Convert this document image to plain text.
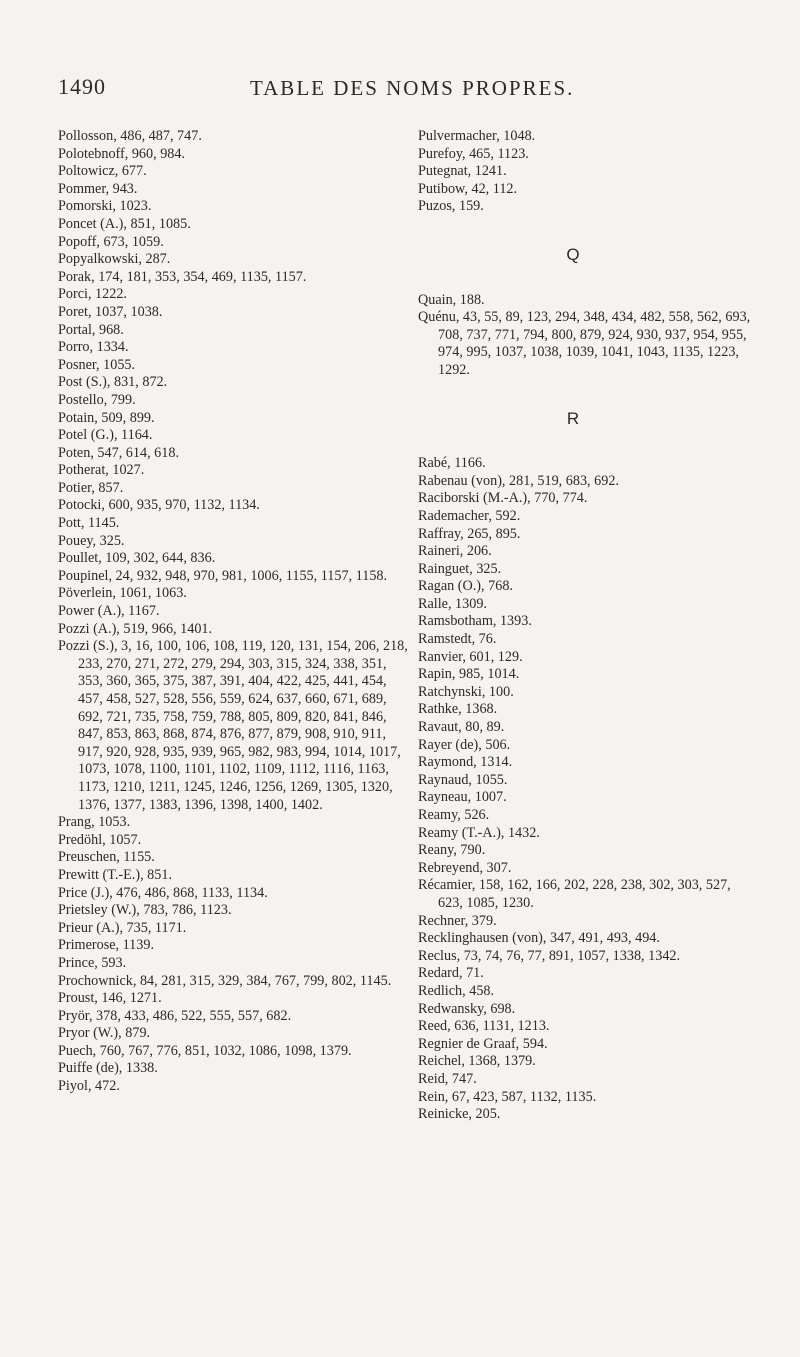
1490	TABLE DES NOMS PROPRES.

Pollosson, 486, 487, 747.

Polotebnoff, 960, 984.

Poltowicz, 677.

Pommer, 943.

Pomorski, 1023.

Poncet (A.), 851, 1085.

Popoff, 673, 1059.

Popyalkowski, 287.

Porak, 174, 181, 353, 354, 469, 1135, 1157.

Porci, 1222.

Poret, 1037, 1038.

Portal, 968.

Porro, 1334.

Posner, 1055.

Post (S.), 831, 872.

Postello, 799.

Potain, 509, 899.

Potel (G.), 1164.

Poten, 547, 614, 618.

Potherat, 1027.

Potier, 857.

Potocki, 600, 935, 970, 1132, 1134.

Pott, 1145.

Pouey, 325.

Poullet, 109, 302, 644, 836.

Poupinel, 24, 932, 948, 970, 981, 1006, 1155, 1157, 1158.

Pöverlein, 1061, 1063.

Power (A.), 1167.

Pozzi (A.), 519, 966, 1401.

Pozzi (S.), 3, 16, 100, 106, 108, 119, 120, 131, 154, 206, 218, 233, 270, 271, 272, 279, 294, 303, 315, 324, 338, 351, 353, 360, 365, 375, 387, 391, 404, 422, 425, 441, 454, 457, 458, 527, 528, 556, 559, 624, 637, 660, 671, 689, 692, 721, 735, 758, 759, 788, 805, 809, 820, 841, 846, 847, 853, 863, 868, 874, 876, 877, 879, 908, 910, 911, 917, 920, 928, 935, 939, 965, 982, 983, 994, 1014, 1017, 1073, 1078, 1100, 1101, 1102, 1109, 1112, 1116, 1163, 1173, 1210, 1211, 1245, 1246, 1256, 1269, 1305, 1320, 1376, 1377, 1383, 1396, 1398, 1400, 1402.

Prang, 1053.

Predöhl, 1057.

Preuschen, 1155.

Prewitt (T.-E.), 851.

Price (J.), 476, 486, 868, 1133, 1134.

Prietsley (W.), 783, 786, 1123.

Prieur (A.), 735, 1171.

Primerose, 1139.

Prince, 593.

Prochownick, 84, 281, 315, 329, 384, 767, 799, 802, 1145.

Proust, 146, 1271.

Pryör, 378, 433, 486, 522, 555, 557, 682.

Pryor (W.), 879.

Puech, 760, 767, 776, 851, 1032, 1086, 1098, 1379.

Puiffe (de), 1338.

Piyol, 472.

Pulvermacher, 1048.

Purefoy, 465, 1123.

Putegnat, 1241.

Putibow, 42, 112.

Puzos, 159.

Q

Quain, 188.

Quénu, 43, 55, 89, 123, 294, 348, 434, 482, 558, 562, 693, 708, 737, 771, 794, 800, 879, 924, 930, 937, 954, 955, 974, 995, 1037, 1038, 1039, 1041, 1043, 1135, 1223, 1292.

R

Rabé, 1166.

Rabenau (von), 281, 519, 683, 692.

Raciborski (M.-A.), 770, 774.

Rademacher, 592.

Raffray, 265, 895.

Raineri, 206.

Rainguet, 325.

Ragan (O.), 768.

Ralle, 1309.

Ramsbotham, 1393.

Ramstedt, 76.

Ranvier, 601, 129.

Rapin, 985, 1014.

Ratchynski, 100.

Rathke, 1368.

Ravaut, 80, 89.

Rayer (de), 506.

Raymond, 1314.

Raynaud, 1055.

Rayneau, 1007.

Reamy, 526.

Reamy (T.-A.), 1432.

Reany, 790.

Rebreyend, 307.

Récamier, 158, 162, 166, 202, 228, 238, 302, 303, 527, 623, 1085, 1230.

Rechner, 379.

Recklinghausen (von), 347, 491, 493, 494.

Reclus, 73, 74, 76, 77, 891, 1057, 1338, 1342.

Redard, 71.

Redlich, 458.

Redwansky, 698.

Reed, 636, 1131, 1213.

Regnier de Graaf, 594.

Reichel, 1368, 1379.

Reid, 747.

Rein, 67, 423, 587, 1132, 1135.

Reinicke, 205.
